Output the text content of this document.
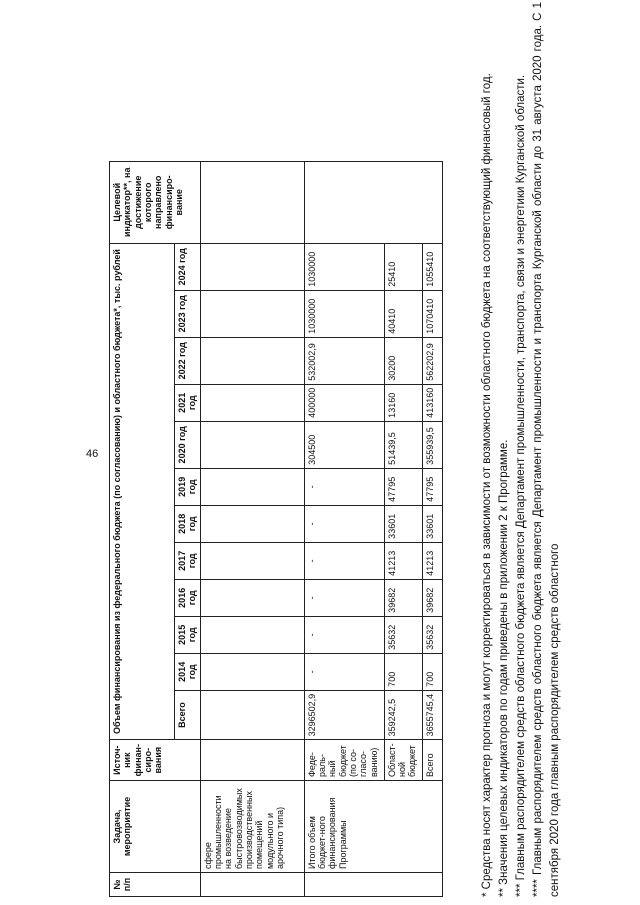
46
№ п/п	Задача, мероприятие	Источ-ник финан-сиро-вания	Объем финансирования из федерального бюджета (по согласованию) и областного бюджета*, тыс. рублей												Целевой индикатор**, на достижение которого направлено финансиро-вание
			Всего	2014 год	2015 год	2016 год	2017 год	2018 год	2019 год	2020 год	2021 год	2022 год	2023 год	2024 год	
	сфере промышленности на возведение быстровозводимых производственных помещений модульного и арочного типа)														
	Итого объем бюджет-ного финансирования Программы	Феде-раль-ный бюджет (по со-гласо-ванию)	3296502,9	-	-	-	-	-	-	304500	400000	532002,9	1030000	1030000	
		Област-ной бюджет	359242,5	700	35632	39682	41213	33601	47795	51439,5	13160	30200	40410	25410	
		Всего	3655745,4	700	35632	39682	41213	33601	47795	355939,5	413160	562202,9	1070410	1055410		* Средства носят характер прогноза и могут корректироваться в зависимости от возможности областного бюджета на соответствующий финансовый год. ** Значения целевых индикаторов по годам приведены в приложении 2 к Программе. *** Главным распорядителем средств областного бюджета является Департамент промышленности, транспорта, связи и энергетики Курганской области. **** Главным распорядителем средств областного бюджета является Департамент промышленности и транспорта Курганской области до 31 августа 2020 года. С 1 сентября 2020 года главным распорядителем средств областного
